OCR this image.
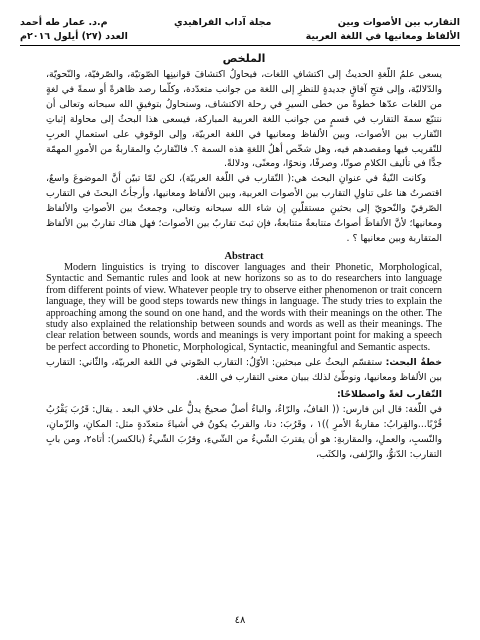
التقارب بين الأصوات وبين
مجلة آداب الفراهيدي
م.د. عمار طه أحمد
الألفاظ ومعانيها في اللغة العربية
العدد (٢٧) أيلول ٢٠١٦م
الملخص

يسعى علمُ اللّغةِ الحديثُ إلى اكتشافِ اللغات، فيحاولُ اكتشافَ قوانينِها الصّوتيّة، والصّرفيّة، والنّحويّة، والدّلاليّة، وإلى فتحِ آفاقٍ جديدةٍ للنظرِ إلى اللغة من جوانب متعدّدة، وكلّما رصد ظاهرةً أو سمةً في لغةٍ من اللغات عدّها خطوةً من خطى السيرِ في رحلة الاكتشاف، وسنحاولُ بتوفيقِ الله سبحانه وتعالى أن نتتبّع سمةَ التقارب في قسمٍ من جوانب اللغة العربية المباركة، فيسعى هذا البحثُ إلى محاولة إثباتِ التّقارب بين الأصوات، وبين الألفاظ ومعانيها في اللغة العربيّة، وإلى الوقوفِ على استعمالِ العربِ للتّقريب فيها ومقصدهم فيه، وهل شخّص أهلُ اللغةِ هذه السمة ؟. فالتّقاربُ والمقاربةُ من الأمورِ المهمّة جدًّا في تأليف الكلامِ صوتًا، وصرفًا، ونحوًا، ومعنًى، ودلالةً.

وكانت النّيةُ في عنوانِ البحث هي:( التّقارب في اللّغة العربيّة)، لكن لمّا تبيّن أنَّ الموضوعَ واسعٌ، اقتصرتُ هنا على تناولِ التقارب بين الأصوات العربية، وبين الألفاظ ومعانيها، وأرجأتُ البحثَ في التقارب الصّرفيّ والنّحويّ إلى بحثينِ مستقلّينِ إن شاء الله سبحانه وتعالى، وجمعتُ بين الأصواتِ والألفاظ ومعانيها؛ لأنَّ الألفاظَ أصواتٌ متتابعةٌ متتابعةٌ، فإن ثبتَ تقاربٌ بين الأصوات؛ فهل هناك تقاربٌ بين الألفاظ المتقاربة وبين معانيها ؟ .

Abstract

Modern linguistics is trying to discover languages and their Phonetic, Morphological, Syntactic and Semantic rules and look at new horizons so as to do researchers into language from different points of view. Whatever people try to observe either phenomenon or trait concern language, they will be good steps towards new things in language. The study tries to explain the approaching among the sound on one hand, and the words with their meanings on the other. The study also explained the relationship between sounds and words as well as their meanings. The clear relation between sounds, words and meanings is very important point for making a speech be perfect according to Phonetic, Morphological, Syntactic, meaningful and Semantic aspects.

خطةُ البحث: ستقسّم البحثُ على مبحثين: الأوّلُ: التقارب الصّوتي في اللغة العربيّة، والثّاني: التقارب بين الألفاظ ومعانيها، ونوطّئ لذلك ببيان معنى التقارب في اللغة.

التّقارب لغةً واصطلاحًا:

في اللّغة: قال ابن فارس: (( القافُ، والرّاءُ، والباءُ أصلٌ صحيحٌ يدلُّ على خلافِ البعد . يقال: قَرُبَ يَقْرُبُ قُرْبًا...والقِرابُ: مقاربةُ الأمرِ ))١ ، وقَرُبَ: دنا، والقربُ يكونُ في أشياءَ متعدّدةٍ مثل: المكانِ، والزّمانِ، والنّسبِ، والعملِ، والمقاربةِ: هو أن يقتربَ الشّيءُ من الشّيءِ، وقرُبَ الشّيءُ (بالكسر): أتاه٢، ومن بابِ التقارب: الدّنوُّ، والزّلفى، والكثَب،

٤٨
